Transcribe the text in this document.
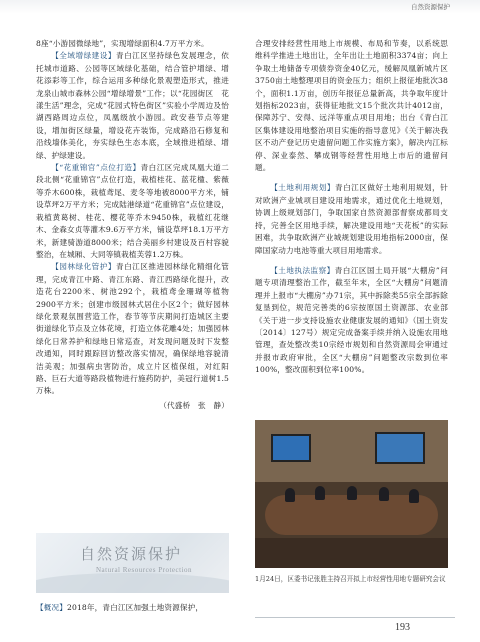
自然资源保护

8座“小游园微绿地”，实现增绿面积4.7万平方米。

【全域增绿建设】青白江区坚持绿色发展理念，依托城市道路、公园等区域绿化基础，结合管护增绿、增花添彩等工作，综合运用多种绿化景观塑造形式，推进龙泉山城市森林公园“增绿增景”工作；以“花园街区　花漾生活”理念，完成“花园式特色街区”实验小学周边及怡湖西路周边点位，凤凰级放小游园。政安巷节点等建设，增加街区绿量，增设花卉装饰，完成路沿石修复和沿线墙体美化，夯实绿色生态本底，全域推进植绿、增绿、护绿建设。

【“花重锦官”点位打造】青白江区完成凤凰大道二段北侧“花重锦官”点位打造，栽植桂花、蓝花楹、紫薇等乔木600株，栽植鸢尾、麦冬等地被8000平方米，铺设草坪2万平方米；完成陆港绿道“花重锦官”点位建设，栽植黄葛树、桂花、樱花等乔木9450株，栽植红花继木、金森女贞等灌木9.6万平方米，铺设草坪18.1万平方米，新建骑游道8000米；结合美丽乡村建设及百村容貌整治，在城厢、大同等镇栽植芙蓉1.2万株。

【园林绿化管护】青白江区推进园林绿化精细化管理，完成青江中路、青江东路、青江西路绿化提升，改造花台2200米、树池292个，栽植鸢金珊瑚等植物2900平方米；创建市级园林式居住小区2个；做好园林绿化景观氛围营造工作，春节等节庆期间打造城区主要街道绿化节点及立体花境，打造立体花雕4处；加强园林绿化日常养护和绿地日常巡查，对发现问题及时下发整改通知，同时跟踪回访整改落实情况，确保绿地容貌清洁美观；加强病虫害防治，成立片区植保组，对红阳路、巨石大道等路段植物进行施药防护，美冠行道树1.5万株。
（代盛桥　张　静）

自然资源保护
Natural Resources Protection

【概况】2018年，青白江区加强土地资源保护，

合理安排经营性用地上市规模、布局和节奏，以系统思维科学推进土地出让，全年出让土地面积3374亩；向上争取土地储备专项债券资金40亿元，缓解凤凰新城片区3750亩土地整理项目的资金压力；组织上报征地批次38个，面积1.1万亩，创历年报征总量新高，共争取年度计划指标2023亩，获得征地批文15个批次共计4012亩，保障苏宁、安得、远洋等重点项目用地；出台《青白江区集体建设用地整治项目实施的指导意见》《关于解决我区不动产登记历史遗留问题工作实施方案》，解决内江标停、深业泰然、攀成钢等经营性用地上市后的遗留问题。

【土地利用规划】青白江区做好土地利用规划，针对欧洲产业城项目建设用地需求，通过优化土地规划，协调上级规划部门，争取国家自然资源部督察成都局支持，完善全区用地手续，解决建设用地“天花板”的实际困难，共争取欧洲产业城规划建设用地指标2000亩，保障国家动力电池等重大项目用地需求。

【土地执法监察】青白江区国土局开展“大棚房”问题专项清理整治工作，截至年末，全区“大棚房”问题清理并上报市“大棚房”办71宗，其中拆除类55宗全部拆除复垦到位，规范完善类的6宗按原国土资源部、农业部《关于进一步支持设施农业健康发展的通知》（国土资发〔2014〕127号）规定完成备案手续并纳入设施农用地管理，查处整改类10宗经市规划和自然资源局会审通过并报市政府审批，全区“大棚房”问题整改宗数到位率100%，整改面积到位率100%。

1月24日，区委书记张胜主持召开拟上市经营性用地专题研究会议
193
